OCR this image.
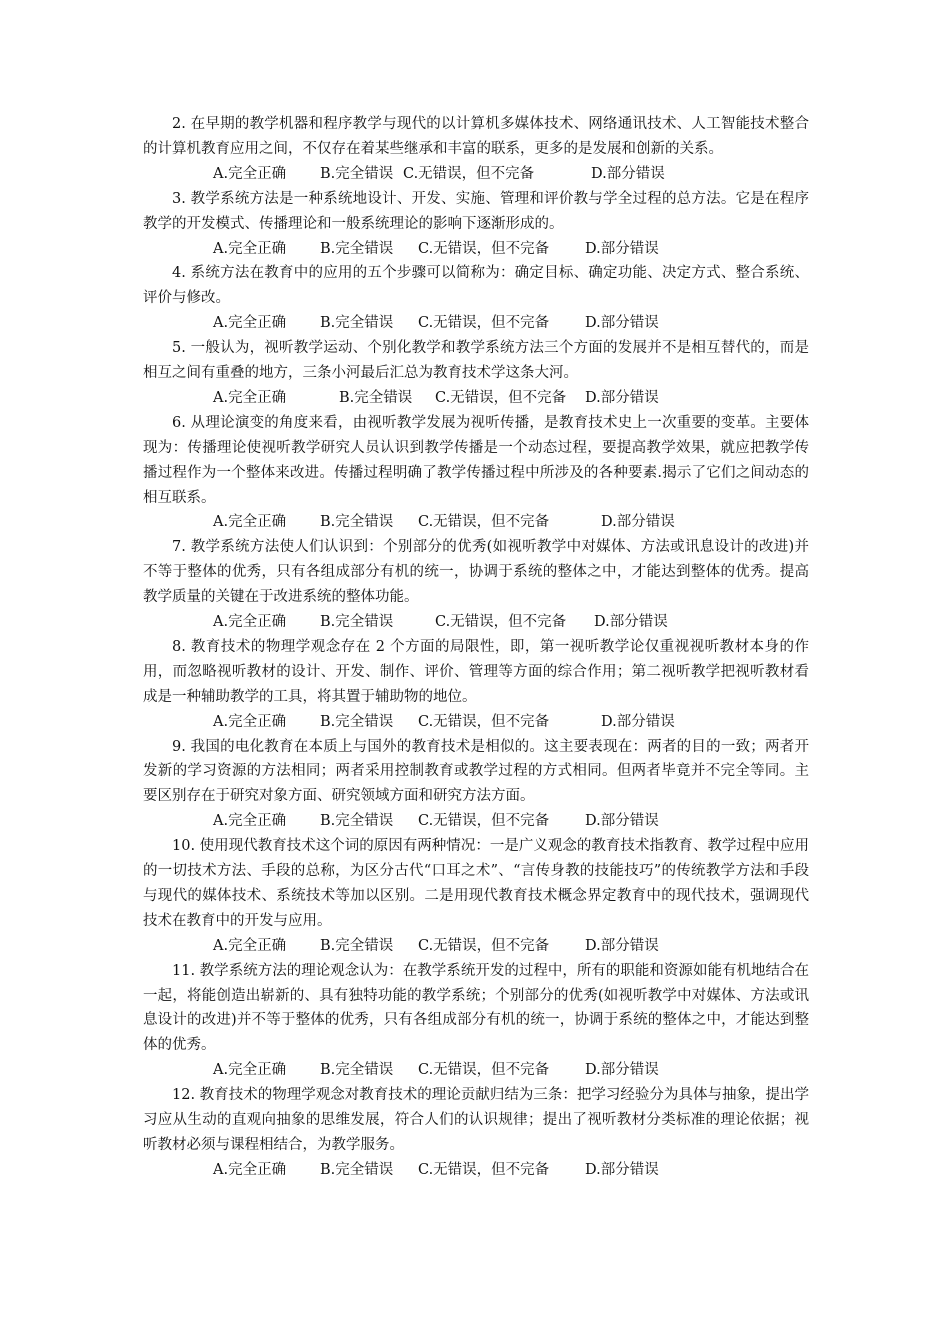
2. 在早期的教学机器和程序教学与现代的以计算机多媒体技术、网络通讯技术、人工智能技术整合的计算机教育应用之间，不仅存在着某些继承和丰富的联系，更多的是发展和创新的关系。

A.完全正确 B.完全错误 C.无错误，但不完备	D.部分错误

3. 教学系统方法是一种系统地设计、开发、实施、管理和评价教与学全过程的总方法。它是在程序教学的开发模式、传播理论和一般系统理论的影响下逐渐形成的。

A.完全正确 B.完全错误 C.无错误，但不完备 D.部分错误

4. 系统方法在教育中的应用的五个步骤可以简称为：确定目标、确定功能、决定方式、整合系统、评价与修改。

A.完全正确 B.完全错误 C.无错误，但不完备 D.部分错误

5. 一般认为，视听教学运动、个别化教学和教学系统方法三个方面的发展并不是相互替代的，而是相互之间有重叠的地方，三条小河最后汇总为教育技术学这条大河。

A.完全正确	B.完全错误 C.无错误，但不完备 D.部分错误

6. 从理论演变的角度来看，由视听教学发展为视听传播，是教育技术史上一次重要的变革。主要体现为：传播理论使视听教学研究人员认识到教学传播是一个动态过程，要提高教学效果，就应把教学传播过程作为一个整体来改进。传播过程明确了教学传播过程中所涉及的各种要素.揭示了它们之间动态的相互联系。

A.完全正确 B.完全错误 C.无错误，但不完备	D.部分错误

7. 教学系统方法使人们认识到：个别部分的优秀(如视听教学中对媒体、方法或讯息设计的改进)并不等于整体的优秀，只有各组成部分有机的统一，协调于系统的整体之中，才能达到整体的优秀。提高教学质量的关键在于改进系统的整体功能。

A.完全正确 B.完全错误	C.无错误，但不完备 D.部分错误

8. 教育技术的物理学观念存在 2 个方面的局限性，即，第一视听教学论仅重视视听教材本身的作用，而忽略视听教材的设计、开发、制作、评价、管理等方面的综合作用；第二视听教学把视听教材看成是一种辅助教学的工具，将其置于辅助物的地位。

A.完全正确 B.完全错误 C.无错误，但不完备	D.部分错误

9. 我国的电化教育在本质上与国外的教育技术是相似的。这主要表现在：两者的目的一致；两者开发新的学习资源的方法相同；两者采用控制教育或教学过程的方式相同。但两者毕竟并不完全等同。主要区别存在于研究对象方面、研究领域方面和研究方法方面。

A.完全正确 B.完全错误 C.无错误，但不完备 D.部分错误

10. 使用现代教育技术这个词的原因有两种情况：一是广义观念的教育技术指教育、教学过程中应用的一切技术方法、手段的总称，为区分古代“口耳之术”、“言传身教的技能技巧”的传统教学方法和手段与现代的媒体技术、系统技术等加以区别。二是用现代教育技术概念界定教育中的现代技术，强调现代技术在教育中的开发与应用。

A.完全正确 B.完全错误 C.无错误，但不完备 D.部分错误

11. 教学系统方法的理论观念认为：在教学系统开发的过程中，所有的职能和资源如能有机地结合在一起，将能创造出崭新的、具有独特功能的教学系统；个别部分的优秀(如视听教学中对媒体、方法或讯息设计的改进)并不等于整体的优秀，只有各组成部分有机的统一，协调于系统的整体之中，才能达到整体的优秀。

A.完全正确 B.完全错误 C.无错误，但不完备 D.部分错误

12. 教育技术的物理学观念对教育技术的理论贡献归结为三条：把学习经验分为具体与抽象，提出学习应从生动的直观向抽象的思维发展，符合人们的认识规律；提出了视听教材分类标准的理论依据；视听教材必须与课程相结合，为教学服务。

A.完全正确 B.完全错误 C.无错误，但不完备 D.部分错误
